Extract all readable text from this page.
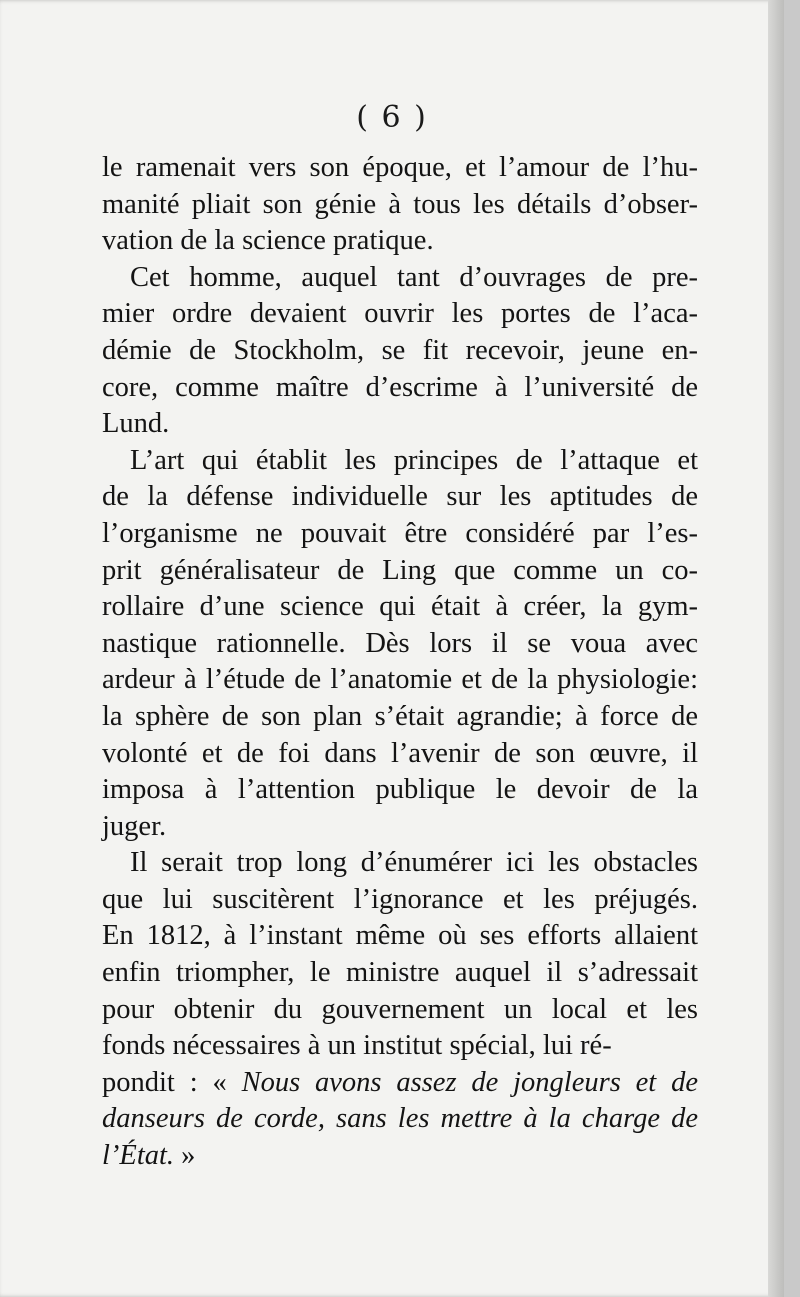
( 6 )

le ramenait vers son époque, et l’amour de l’hu-
manité pliait son génie à tous les détails d’obser-
vation de la science pratique.

Cet homme, auquel tant d’ouvrages de pre-
mier ordre devaient ouvrir les portes de l’aca-
démie de Stockholm, se fit recevoir, jeune en-
core, comme maître d’escrime à l’université de
Lund.

L’art qui établit les principes de l’attaque et
de la défense individuelle sur les aptitudes de
l’organisme ne pouvait être considéré par l’es-
prit généralisateur de Ling que comme un co-
rollaire d’une science qui était à créer, la gym-
nastique rationnelle. Dès lors il se voua avec
ardeur à l’étude de l’anatomie et de la physiologie:
la sphère de son plan s’était agrandie; à force de
volonté et de foi dans l’avenir de son œuvre, il
imposa à l’attention publique le devoir de la
juger.

Il serait trop long d’énumérer ici les obstacles
que lui suscitèrent l’ignorance et les préjugés.
En 1812, à l’instant même où ses efforts allaient
enfin triompher, le ministre auquel il s’adressait
pour obtenir du gouvernement un local et les
fonds nécessaires à un institut spécial, lui ré-

pondit : « Nous avons assez de jongleurs et de
danseurs de corde, sans les mettre à la charge de
l’État. »
